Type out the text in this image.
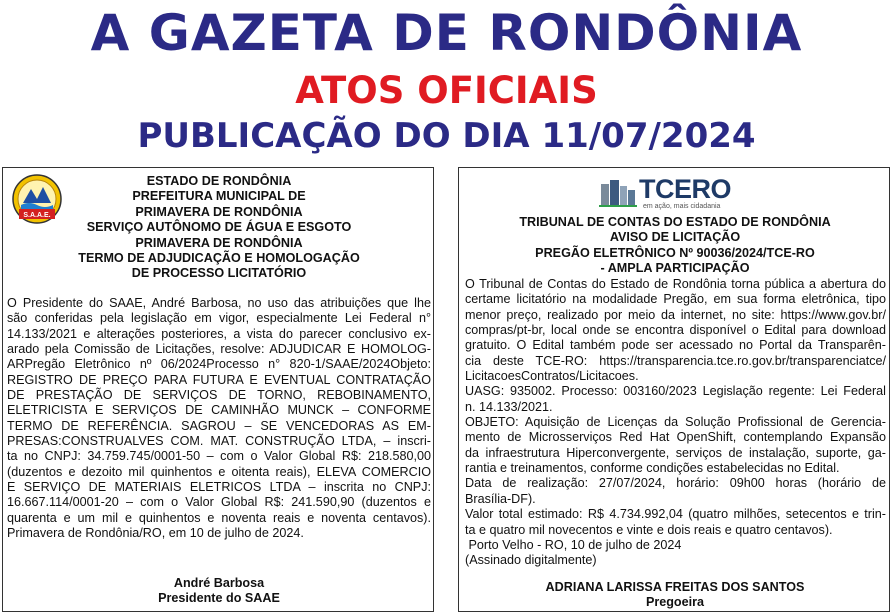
A GAZETA DE RONDÔNIA
ATOS OFICIAIS
PUBLICAÇÃO DO DIA 11/07/2024
S.A.A.E.
ESTADO DE RONDÔNIA
PREFEITURA MUNICIPAL DE
PRIMAVERA DE RONDÔNIA
SERVIÇO AUTÔNOMO DE ÁGUA E ESGOTO
PRIMAVERA DE RONDÔNIA
TERMO DE ADJUDICAÇÃO E HOMOLOGAÇÃO
DE PROCESSO LICITATÓRIO
O Presidente do SAAE, André Barbosa, no uso das atribuições que lhe
são conferidas pela legislação em vigor, especialmente Lei Federal n°
14.133/2021 e alterações posteriores, a vista do parecer conclusivo ex-
arado pela Comissão de Licitações, resolve: ADJUDICAR E HOMOLOG-
ARPregão Eletrônico nº 06/2024Processo n° 820-1/SAAE/2024Objeto:
REGISTRO DE PREÇO PARA FUTURA E EVENTUAL CONTRATAÇÃO
DE PRESTAÇÃO DE SERVIÇOS DE TORNO, REBOBINAMENTO,
ELETRICISTA E SERVIÇOS DE CAMINHÃO MUNCK – CONFORME
TERMO DE REFERÊNCIA. SAGROU – SE VENCEDORAS AS EM-
PRESAS:CONSTRUALVES COM. MAT. CONSTRUÇÃO LTDA, – inscri-
ta no CNPJ: 34.759.745/0001-50 – com o Valor Global R$: 218.580,00
(duzentos e dezoito mil quinhentos e oitenta reais), ELEVA COMERCIO
E SERVIÇO DE MATERIAIS ELETRICOS LTDA – inscrita no CNPJ:
16.667.114/0001-20 – com o Valor Global R$: 241.590,90 (duzentos e
quarenta e um mil e quinhentos e noventa reais e noventa centavos).
Primavera de Rondônia/RO, em 10 de julho de 2024.
André Barbosa
Presidente do SAAE
TCERO
em ação, mais cidadania
TRIBUNAL DE CONTAS DO ESTADO DE RONDÔNIA
AVISO DE LICITAÇÃO
PREGÃO ELETRÔNICO Nº 90036/2024/TCE-RO
- AMPLA PARTICIPAÇÃO
O Tribunal de Contas do Estado de Rondônia torna pública a abertura do
certame licitatório na modalidade Pregão, em sua forma eletrônica, tipo
menor preço, realizado por meio da internet, no site: https://www.gov.br/
compras/pt-br, local onde se encontra disponível o Edital para download
gratuito. O Edital também pode ser acessado no Portal da Transparên-
cia deste TCE-RO: https://transparencia.tce.ro.gov.br/transparenciatce/
LicitacoesContratos/Licitacoes.
UASG: 935002. Processo: 003160/2023 Legislação regente: Lei Federal
n. 14.133/2021.
OBJETO: Aquisição de Licenças da Solução Profissional de Gerencia-
mento de Microsserviços Red Hat OpenShift, contemplando Expansão
da infraestrutura Hiperconvergente, serviços de instalação, suporte, ga-
rantia e treinamentos, conforme condições estabelecidas no Edital.
Data de realização: 27/07/2024, horário: 09h00 horas (horário de
Brasília-DF).
Valor total estimado: R$ 4.734.992,04 (quatro milhões, setecentos e trin-
ta e quatro mil novecentos e vinte e dois reais e quatro centavos).
Porto Velho - RO, 10 de julho de 2024
(Assinado digitalmente)
ADRIANA LARISSA FREITAS DOS SANTOS
Pregoeira
